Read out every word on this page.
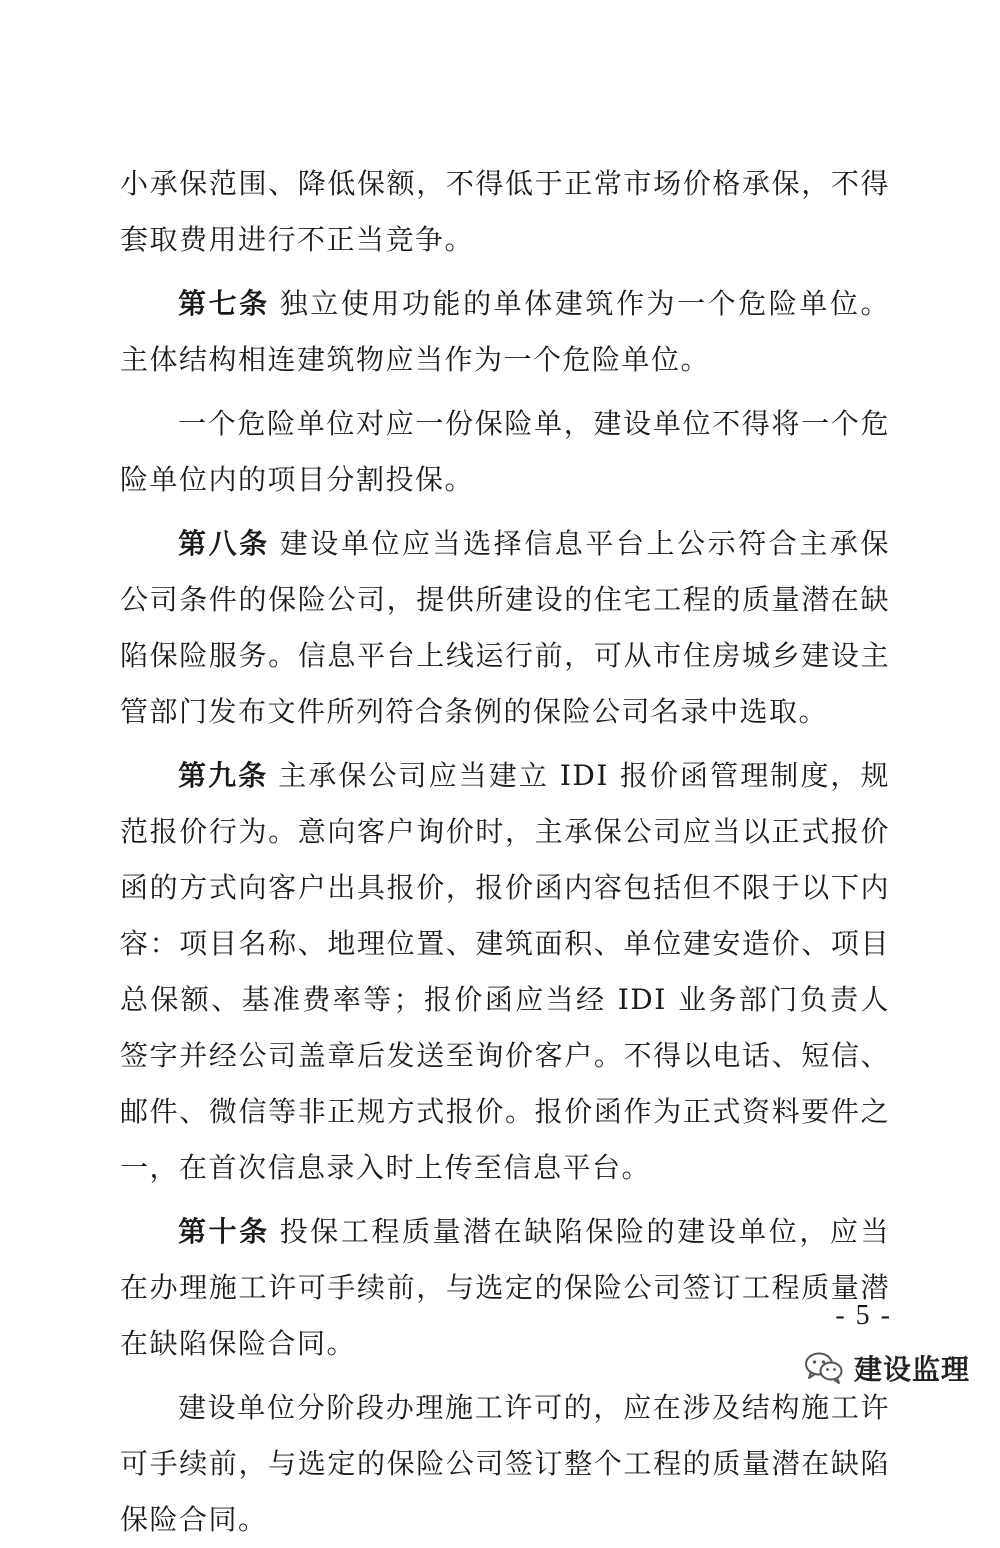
小承保范围、降低保额，不得低于正常市场价格承保，不得套取费用进行不正当竞争。

第七条 独立使用功能的单体建筑作为一个危险单位。主体结构相连建筑物应当作为一个危险单位。

一个危险单位对应一份保险单，建设单位不得将一个危险单位内的项目分割投保。

第八条 建设单位应当选择信息平台上公示符合主承保公司条件的保险公司，提供所建设的住宅工程的质量潜在缺陷保险服务。信息平台上线运行前，可从市住房城乡建设主管部门发布文件所列符合条例的保险公司名录中选取。

第九条 主承保公司应当建立 IDI 报价函管理制度，规范报价行为。意向客户询价时，主承保公司应当以正式报价函的方式向客户出具报价，报价函内容包括但不限于以下内容：项目名称、地理位置、建筑面积、单位建安造价、项目总保额、基准费率等；报价函应当经 IDI 业务部门负责人签字并经公司盖章后发送至询价客户。不得以电话、短信、邮件、微信等非正规方式报价。报价函作为正式资料要件之一，在首次信息录入时上传至信息平台。

第十条 投保工程质量潜在缺陷保险的建设单位，应当在办理施工许可手续前，与选定的保险公司签订工程质量潜在缺陷保险合同。

建设单位分阶段办理施工许可的，应在涉及结构施工许可手续前，与选定的保险公司签订整个工程的质量潜在缺陷保险合同。

- 5 -
建设监理
